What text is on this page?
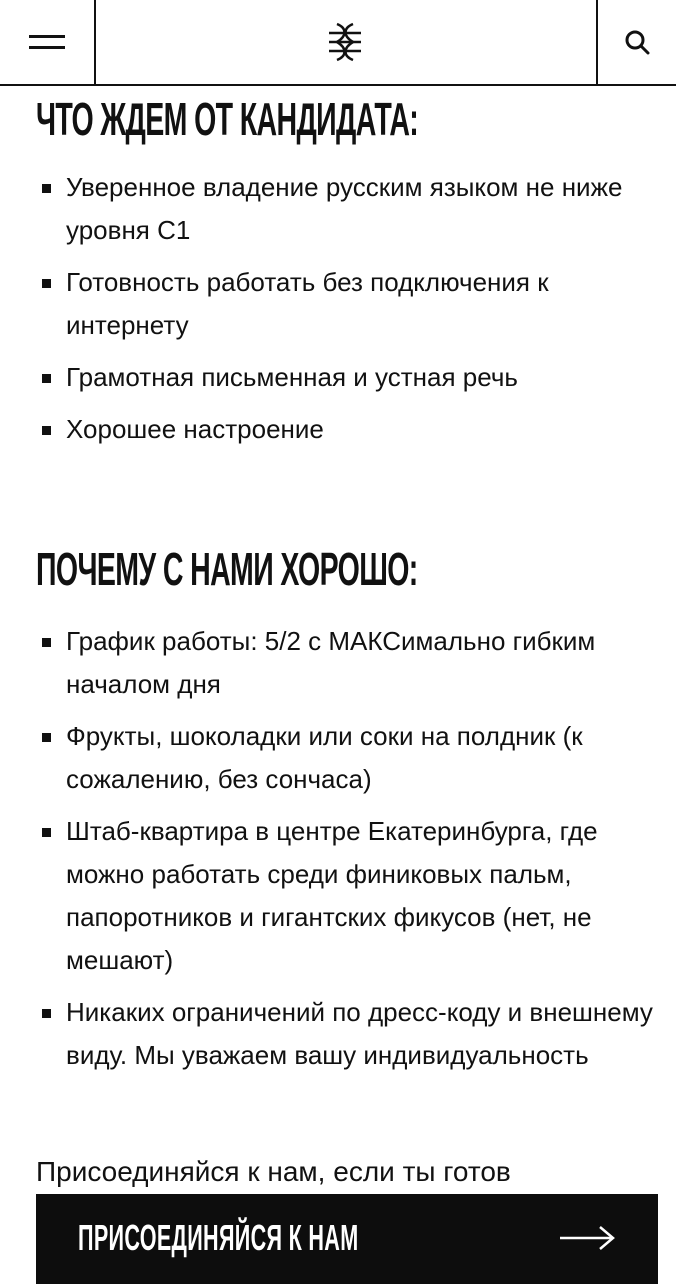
ЧТО ЖДЕМ ОТ КАНДИДАТА:
Уверенное владение русским языком не ниже уровня С1
Готовность работать без подключения к интернету
Грамотная письменная и устная речь
Хорошее настроение
ПОЧЕМУ С НАМИ ХОРОШО:
График работы: 5/2 с МАКСимально гибким началом дня
Фрукты, шоколадки или соки на полдник (к сожалению, без сончаса)
Штаб-квартира в центре Екатеринбурга, где можно работать среди финиковых пальм, папоротников и гигантских фикусов (нет, не мешают)
Никаких ограничений по дресс-коду и внешнему виду. Мы уважаем вашу индивидуальность
Присоединяйся к нам, если ты готов
ПРИСОЕДИНЯЙСЯ К НАМ
